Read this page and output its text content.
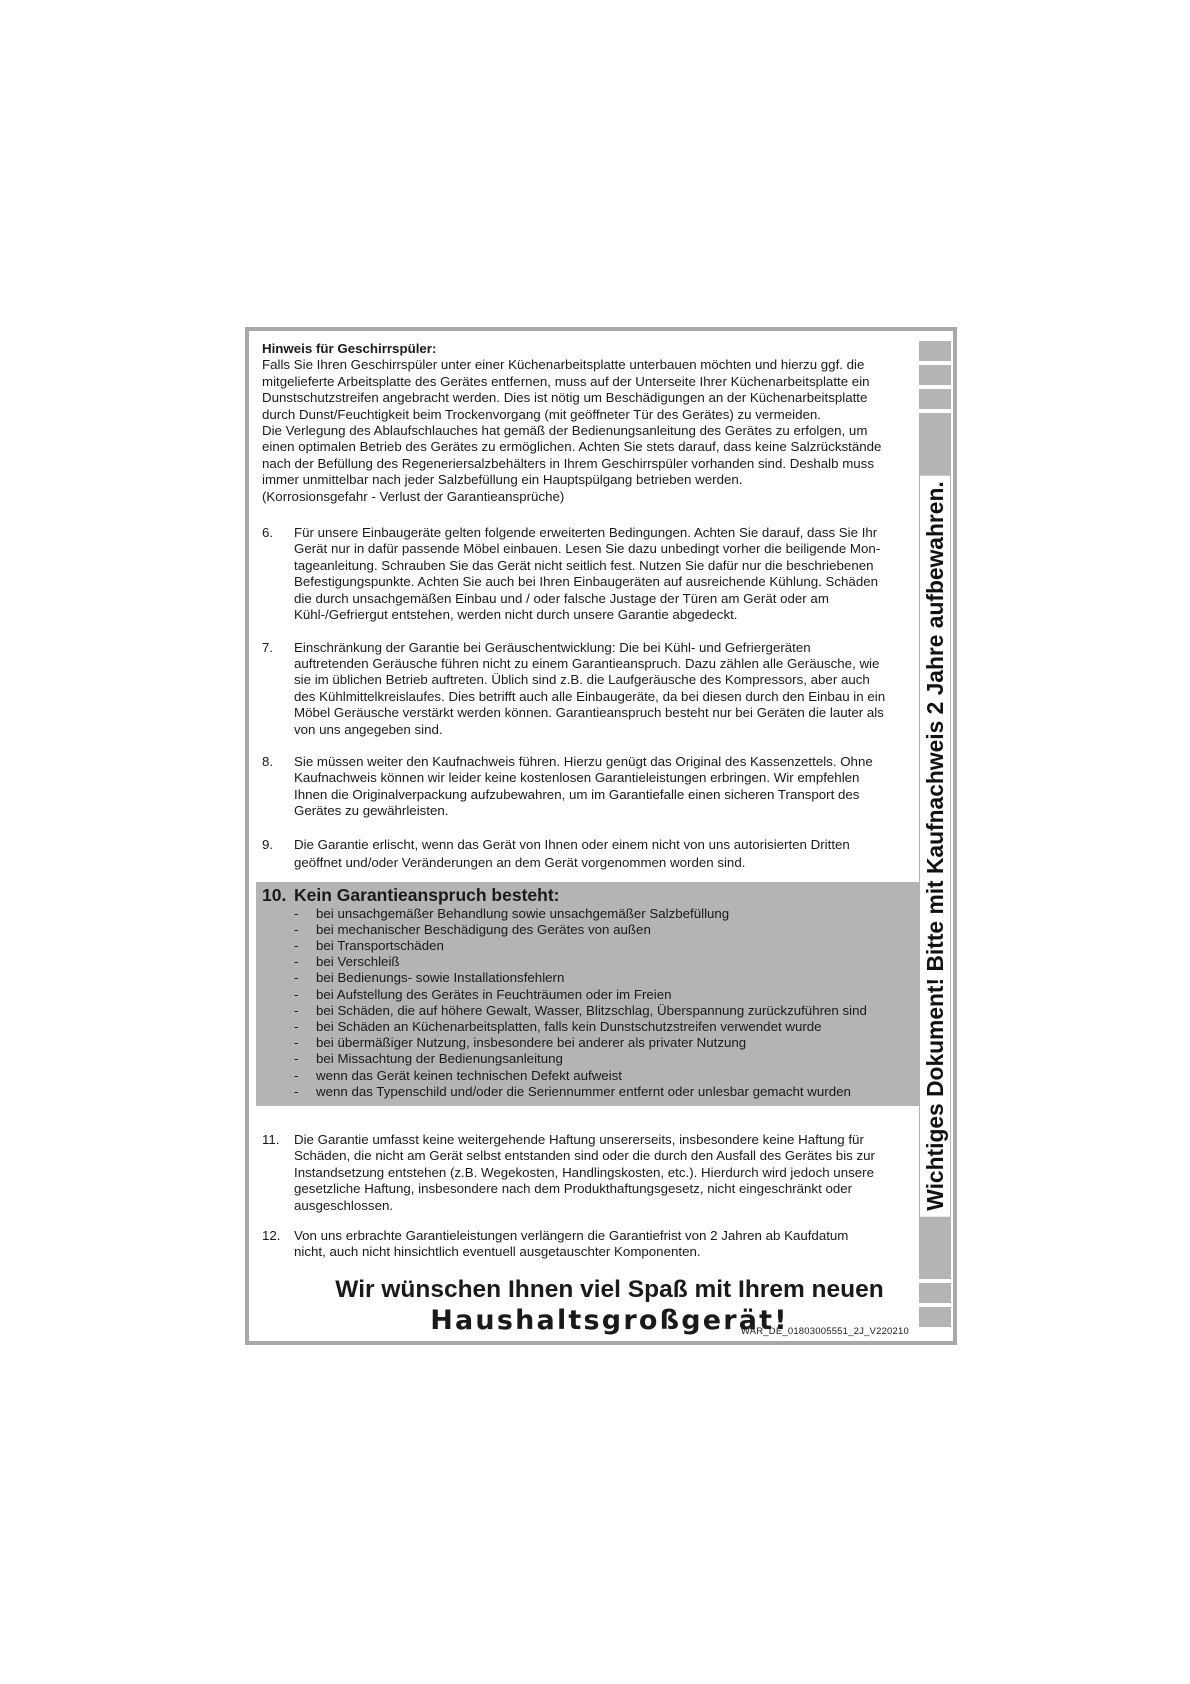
Hinweis für Geschirrspüler:

Falls Sie Ihren Geschirrspüler unter einer Küchenarbeitsplatte unterbauen möchten und hierzu ggf. die

mitgelieferte Arbeitsplatte des Gerätes entfernen, muss auf der Unterseite Ihrer Küchenarbeitsplatte ein

Dunstschutzstreifen angebracht werden. Dies ist nötig um Beschädigungen an der Küchenarbeitsplatte

durch Dunst/Feuchtigkeit beim Trockenvorgang (mit geöffneter Tür des Gerätes) zu vermeiden.

Die Verlegung des Ablaufschlauches hat gemäß der Bedienungsanleitung des Gerätes zu erfolgen, um

einen optimalen Betrieb des Gerätes zu ermöglichen. Achten Sie stets darauf, dass keine Salzrückstände

nach der Befüllung des Regeneriersalzbehälters in Ihrem Geschirrspüler vorhanden sind. Deshalb muss

immer unmittelbar nach jeder Salzbefüllung ein Hauptspülgang betrieben werden.

(Korrosionsgefahr - Verlust der Garantieansprüche)

6. Für unsere Einbaugeräte gelten folgende erweiterten Bedingungen. Achten Sie darauf, dass Sie Ihr

Gerät nur in dafür passende Möbel einbauen. Lesen Sie dazu unbedingt vorher die beiligende Mon-

tageanleitung. Schrauben Sie das Gerät nicht seitlich fest. Nutzen Sie dafür nur die beschriebenen

Befestigungspunkte. Achten Sie auch bei Ihren Einbaugeräten auf ausreichende Kühlung. Schäden

die durch unsachgemäßen Einbau und / oder falsche Justage der Türen am Gerät oder am

Kühl-/Gefriergut entstehen, werden nicht durch unsere Garantie abgedeckt.

7. Einschränkung der Garantie bei Geräuschentwicklung: Die bei Kühl- und Gefriergeräten

auftretenden Geräusche führen nicht zu einem Garantieanspruch. Dazu zählen alle Geräusche, wie

sie im üblichen Betrieb auftreten. Üblich sind z.B. die Laufgeräusche des Kompressors, aber auch

des Kühlmittelkreislaufes. Dies betrifft auch alle Einbaugeräte, da bei diesen durch den Einbau in ein

Möbel Geräusche verstärkt werden können. Garantieanspruch besteht nur bei Geräten die lauter als

von uns angegeben sind.

8. Sie müssen weiter den Kaufnachweis führen. Hierzu genügt das Original des Kassenzettels. Ohne

Kaufnachweis können wir leider keine kostenlosen Garantieleistungen erbringen. Wir empfehlen

Ihnen die Originalverpackung aufzubewahren, um im Garantiefalle einen sicheren Transport des

Gerätes zu gewährleisten.

9. Die Garantie erlischt, wenn das Gerät von Ihnen oder einem nicht von uns autorisierten Dritten

geöffnet und/oder Veränderungen an dem Gerät vorgenommen worden sind.

10. Kein Garantieanspruch besteht:
- bei unsachgemäßer Behandlung sowie unsachgemäßer Salzbefüllung
- bei mechanischer Beschädigung des Gerätes von außen
- bei Transportschäden
- bei Verschleiß
- bei Bedienungs- sowie Installationsfehlern
- bei Aufstellung des Gerätes in Feuchträumen oder im Freien
- bei Schäden, die auf höhere Gewalt, Wasser, Blitzschlag, Überspannung zurückzuführen sind
- bei Schäden an Küchenarbeitsplatten, falls kein Dunstschutzstreifen verwendet wurde
- bei übermäßiger Nutzung, insbesondere bei anderer als privater Nutzung
- bei Missachtung der Bedienungsanleitung
- wenn das Gerät keinen technischen Defekt aufweist
- wenn das Typenschild und/oder die Seriennummer entfernt oder unlesbar gemacht wurden
11. Die Garantie umfasst keine weitergehende Haftung unsererseits, insbesondere keine Haftung für

Schäden, die nicht am Gerät selbst entstanden sind oder die durch den Ausfall des Gerätes bis zur

Instandsetzung entstehen (z.B. Wegekosten, Handlingskosten, etc.). Hierdurch wird jedoch unsere

gesetzliche Haftung, insbesondere nach dem Produkthaftungsgesetz, nicht eingeschränkt oder

ausgeschlossen.

12. Von uns erbrachte Garantieleistungen verlängern die Garantiefrist von 2 Jahren ab Kaufdatum

nicht, auch nicht hinsichtlich eventuell ausgetauschter Komponenten.

Wir wünschen Ihnen viel Spaß mit Ihrem neuen
Haushaltsgroßgerät!
Wichtiges Dokument! Bitte mit Kaufnachweis 2 Jahre aufbewahren.
WAR_DE_01803005551_2J_V220210
